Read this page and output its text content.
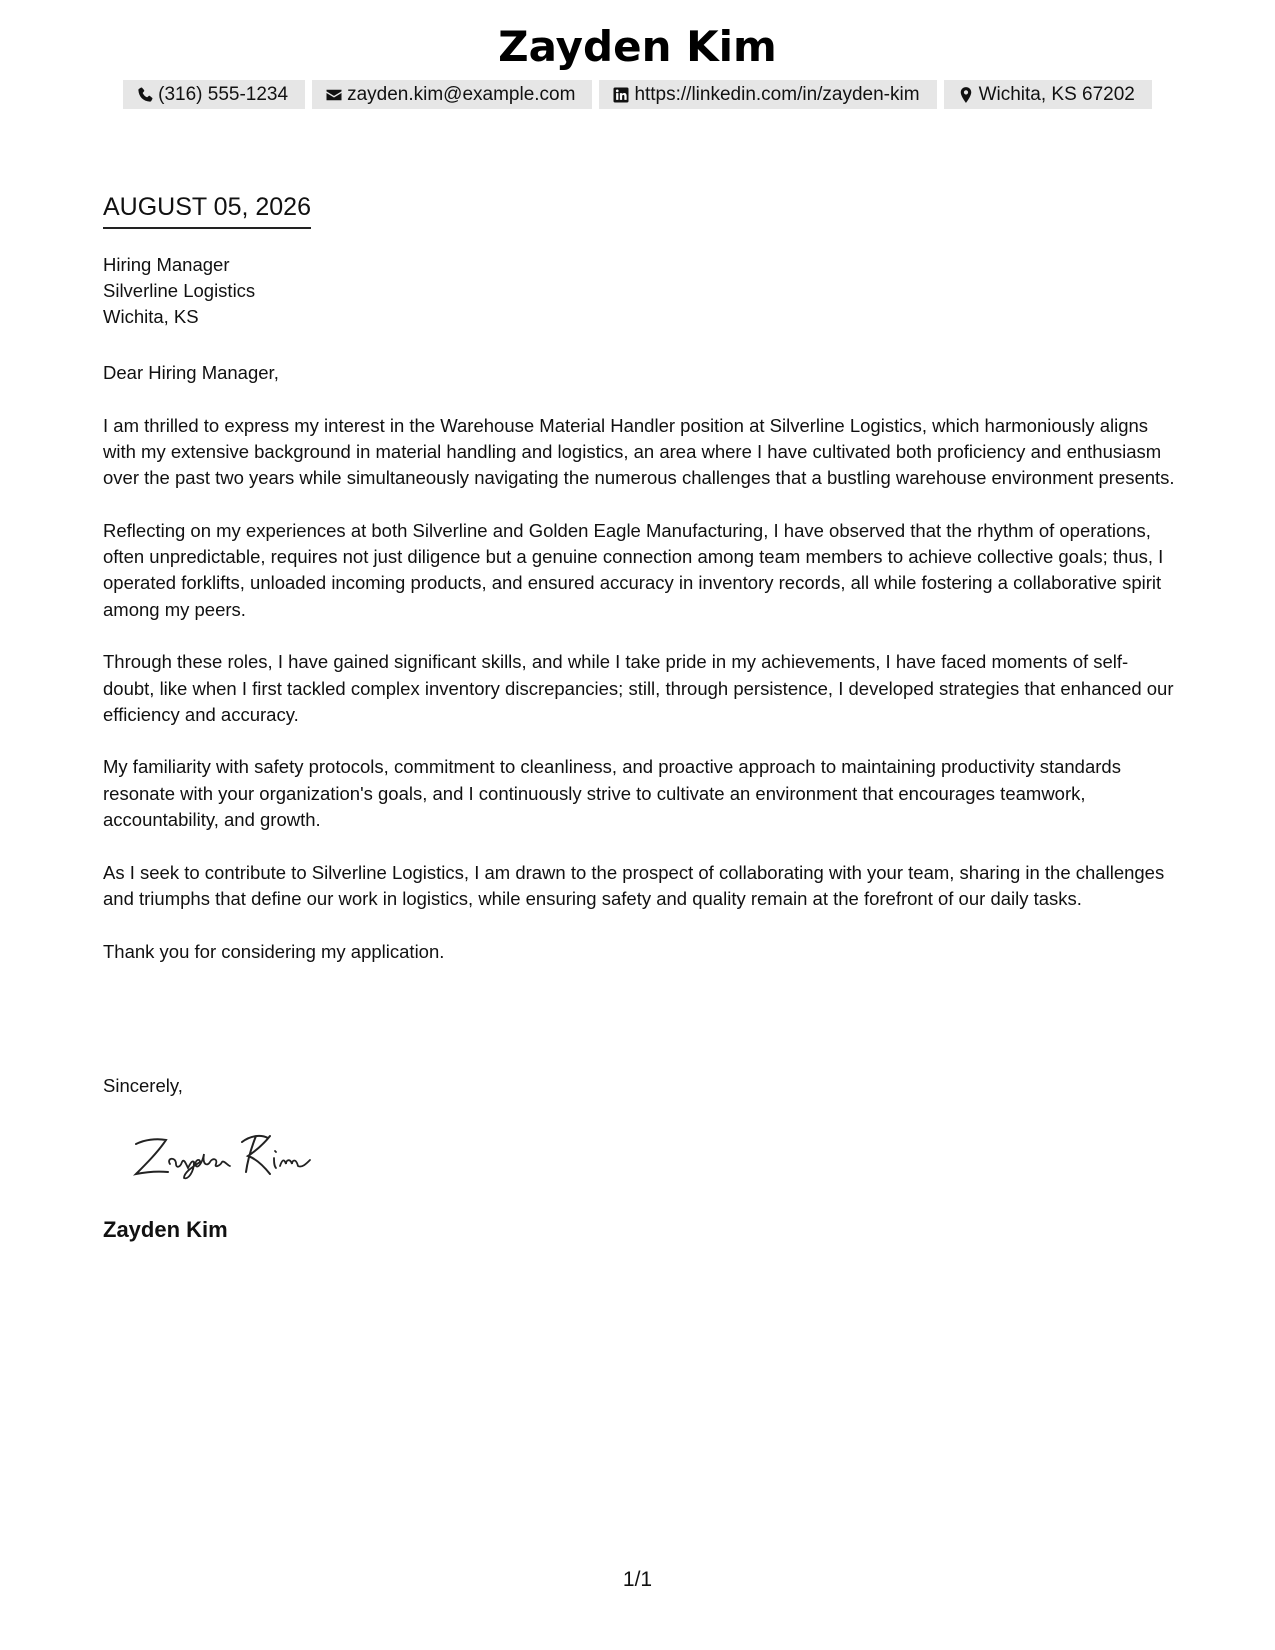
Zayden Kim
(316) 555-1234	zayden.kim@example.com	https://linkedin.com/in/zayden-kim	Wichita, KS 67202
AUGUST 05, 2026
Hiring Manager
Silverline Logistics
Wichita, KS

Dear Hiring Manager,

I am thrilled to express my interest in the Warehouse Material Handler position at Silverline Logistics, which harmoniously aligns with my extensive background in material handling and logistics, an area where I have cultivated both proficiency and enthusiasm over the past two years while simultaneously navigating the numerous challenges that a bustling warehouse environment presents.

Reflecting on my experiences at both Silverline and Golden Eagle Manufacturing, I have observed that the rhythm of operations, often unpredictable, requires not just diligence but a genuine connection among team members to achieve collective goals; thus, I operated forklifts, unloaded incoming products, and ensured accuracy in inventory records, all while fostering a collaborative spirit among my peers.

Through these roles, I have gained significant skills, and while I take pride in my achievements, I have faced moments of self-doubt, like when I first tackled complex inventory discrepancies; still, through persistence, I developed strategies that enhanced our efficiency and accuracy.

My familiarity with safety protocols, commitment to cleanliness, and proactive approach to maintaining productivity standards resonate with your organization's goals, and I continuously strive to cultivate an environment that encourages teamwork, accountability, and growth.

As I seek to contribute to Silverline Logistics, I am drawn to the prospect of collaborating with your team, sharing in the challenges and triumphs that define our work in logistics, while ensuring safety and quality remain at the forefront of our daily tasks.

Thank you for considering my application.

Sincerely,
Zayden Kim
1/1
